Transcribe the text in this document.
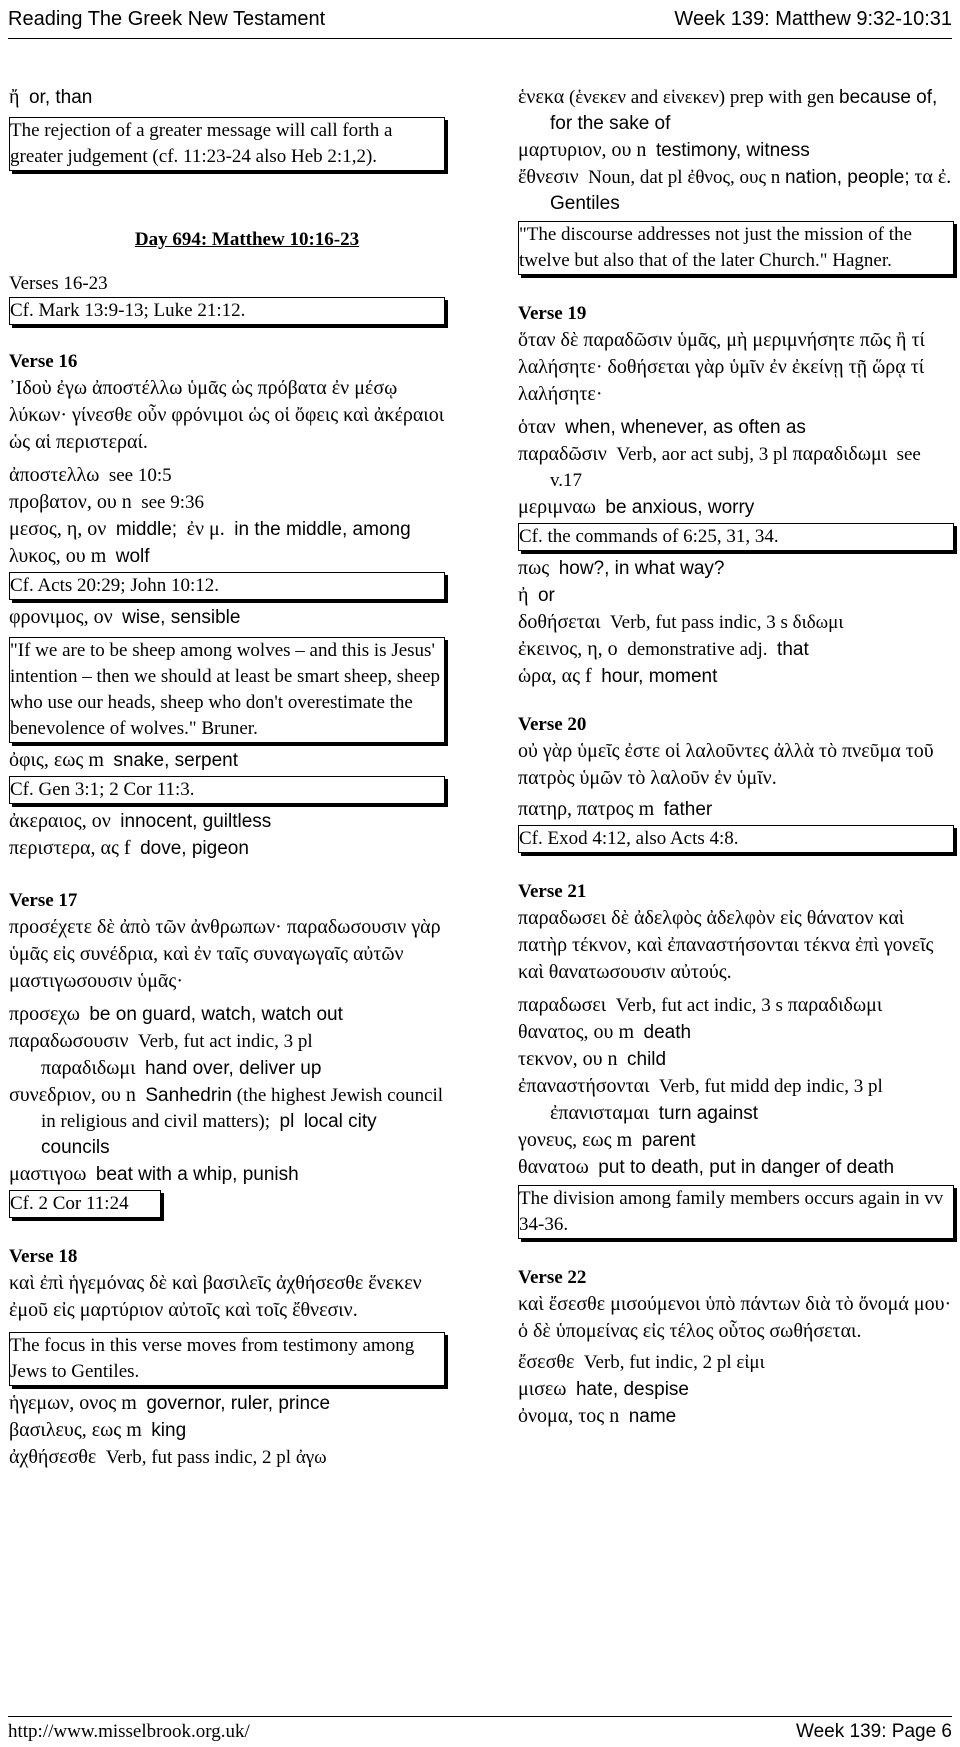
Reading The Greek New Testament	Week 139: Matthew 9:32-10:31
ἤ or, than
The rejection of a greater message will call forth a greater judgement (cf. 11:23-24 also Heb 2:1,2).
Day 694: Matthew 10:16-23
Verses 16-23
Cf. Mark 13:9-13; Luke 21:12.
Verse 16
᾿Ιδοὺ ἐγω ἀποστέλλω ὑμᾶς ὡς πρόβατα ἐν μέσῳ λύκων· γίνεσθε οὖν φρόνιμοι ὡς οἱ ὄφεις καὶ ἀκέραιοι ὡς αἱ περιστεραί.
ἀποστελλω see 10:5
προβατον, ου n see 9:36
μεσος, η, ον middle; ἐν μ. in the middle, among
λυκος, ου m wolf
Cf. Acts 20:29; John 10:12.
φρονιμος, ον wise, sensible
"If we are to be sheep among wolves – and this is Jesus' intention – then we should at least be smart sheep, sheep who use our heads, sheep who don't overestimate the benevolence of wolves." Bruner.
ὀφις, εως m snake, serpent
Cf. Gen 3:1; 2 Cor 11:3.
ἀκεραιος, ον innocent, guiltless
περιστερα, ας f dove, pigeon
Verse 17
προσέχετε δὲ ἀπὸ τῶν ἀνθρωπων· παραδωσουσιν γὰρ ὑμᾶς εἰς συνέδρια, καὶ ἐν ταῖς συναγωγαῖς αὐτῶν μαστιγωσουσιν ὑμᾶς·
προσεχω be on guard, watch, watch out
παραδωσουσιν Verb, fut act indic, 3 pl παραδιδωμι hand over, deliver up
συνεδριον, ου n Sanhedrin (the highest Jewish council in religious and civil matters); pl local city councils
μαστιγοω beat with a whip, punish
Cf. 2 Cor 11:24
Verse 18
καὶ ἐπὶ ἡγεμόνας δὲ καὶ βασιλεῖς ἀχθήσεσθε ἕνεκεν ἐμοῦ εἰς μαρτύριον αὐτοῖς καὶ τοῖς ἔθνεσιν.
The focus in this verse moves from testimony among Jews to Gentiles.
ἡγεμων, ονος m governor, ruler, prince
βασιλευς, εως m king
ἀχθήσεσθε Verb, fut pass indic, 2 pl ἀγω
ἑνεκα (ἑνεκεν and εἱνεκεν) prep with gen because of, for the sake of
μαρτυριον, ου n testimony, witness
ἔθνεσιν Noun, dat pl ἐθνος, ους n nation, people; τα ἐ. Gentiles
"The discourse addresses not just the mission of the twelve but also that of the later Church." Hagner.
Verse 19
ὅταν δὲ παραδῶσιν ὑμᾶς, μὴ μεριμνήσητε πῶς ἢ τί λαλήσητε· δοθήσεται γὰρ ὑμῖν ἐν ἐκείνῃ τῇ ὥρᾳ τί λαλήσητε·
ὁταν when, whenever, as often as
παραδῶσιν Verb, aor act subj, 3 pl παραδιδωμι see v.17
μεριμναω be anxious, worry
Cf. the commands of 6:25, 31, 34.
πως how?, in what way?
ἠ or
δοθήσεται Verb, fut pass indic, 3 s διδωμι
ἐκεινος, η, ο demonstrative adj. that
ὡρα, ας f hour, moment
Verse 20
οὐ γὰρ ὑμεῖς ἐστε οἱ λαλοῦντες ἀλλὰ τὸ πνεῦμα τοῦ πατρὸς ὑμῶν τὸ λαλοῦν ἐν ὑμῖν.
πατηρ, πατρος m father
Cf. Exod 4:12, also Acts 4:8.
Verse 21
παραδωσει δὲ ἀδελφὸς ἀδελφὸν εἰς θάνατον καὶ πατὴρ τέκνον, καὶ ἐπαναστήσονται τέκνα ἐπὶ γονεῖς καὶ θανατωσουσιν αὐτούς.
παραδωσει Verb, fut act indic, 3 s παραδιδωμι
θανατος, ου m death
τεκνον, ου n child
ἐπαναστήσονται Verb, fut midd dep indic, 3 pl ἐπανισταμαι turn against
γονευς, εως m parent
θανατοω put to death, put in danger of death
The division among family members occurs again in vv 34-36.
Verse 22
καὶ ἔσεσθε μισούμενοι ὑπὸ πάντων διὰ τὸ ὄνομά μου· ὁ δὲ ὑπομείνας εἰς τέλος οὗτος σωθήσεται.
ἔσεσθε Verb, fut indic, 2 pl εἰμι
μισεω hate, despise
ὀνομα, τος n name
http://www.misselbrook.org.uk/	Week 139: Page 6
